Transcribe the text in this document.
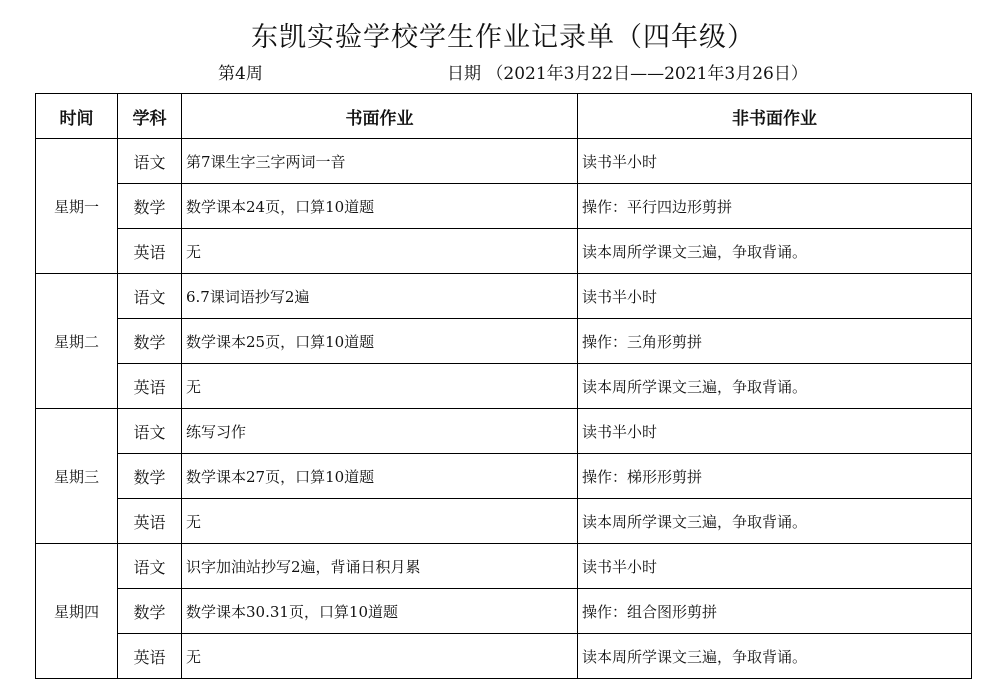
东凯实验学校学生作业记录单（四年级）
第4周	日期 （2021年3月22日——2021年3月26日）
时间	学科	书面作业	非书面作业
星期一	语文	第7课生字三字两词一音	读书半小时
	数学	数学课本24页，口算10道题	操作：平行四边形剪拼
	英语	无	读本周所学课文三遍，争取背诵。
星期二	语文	6.7课词语抄写2遍	读书半小时
	数学	数学课本25页，口算10道题	操作：三角形剪拼
	英语	无	读本周所学课文三遍，争取背诵。
星期三	语文	练写习作	读书半小时
	数学	数学课本27页，口算10道题	操作：梯形形剪拼
	英语	无	读本周所学课文三遍，争取背诵。
星期四	语文	识字加油站抄写2遍，背诵日积月累	读书半小时
	数学	数学课本30.31页，口算10道题	操作：组合图形剪拼
	英语	无	读本周所学课文三遍，争取背诵。
